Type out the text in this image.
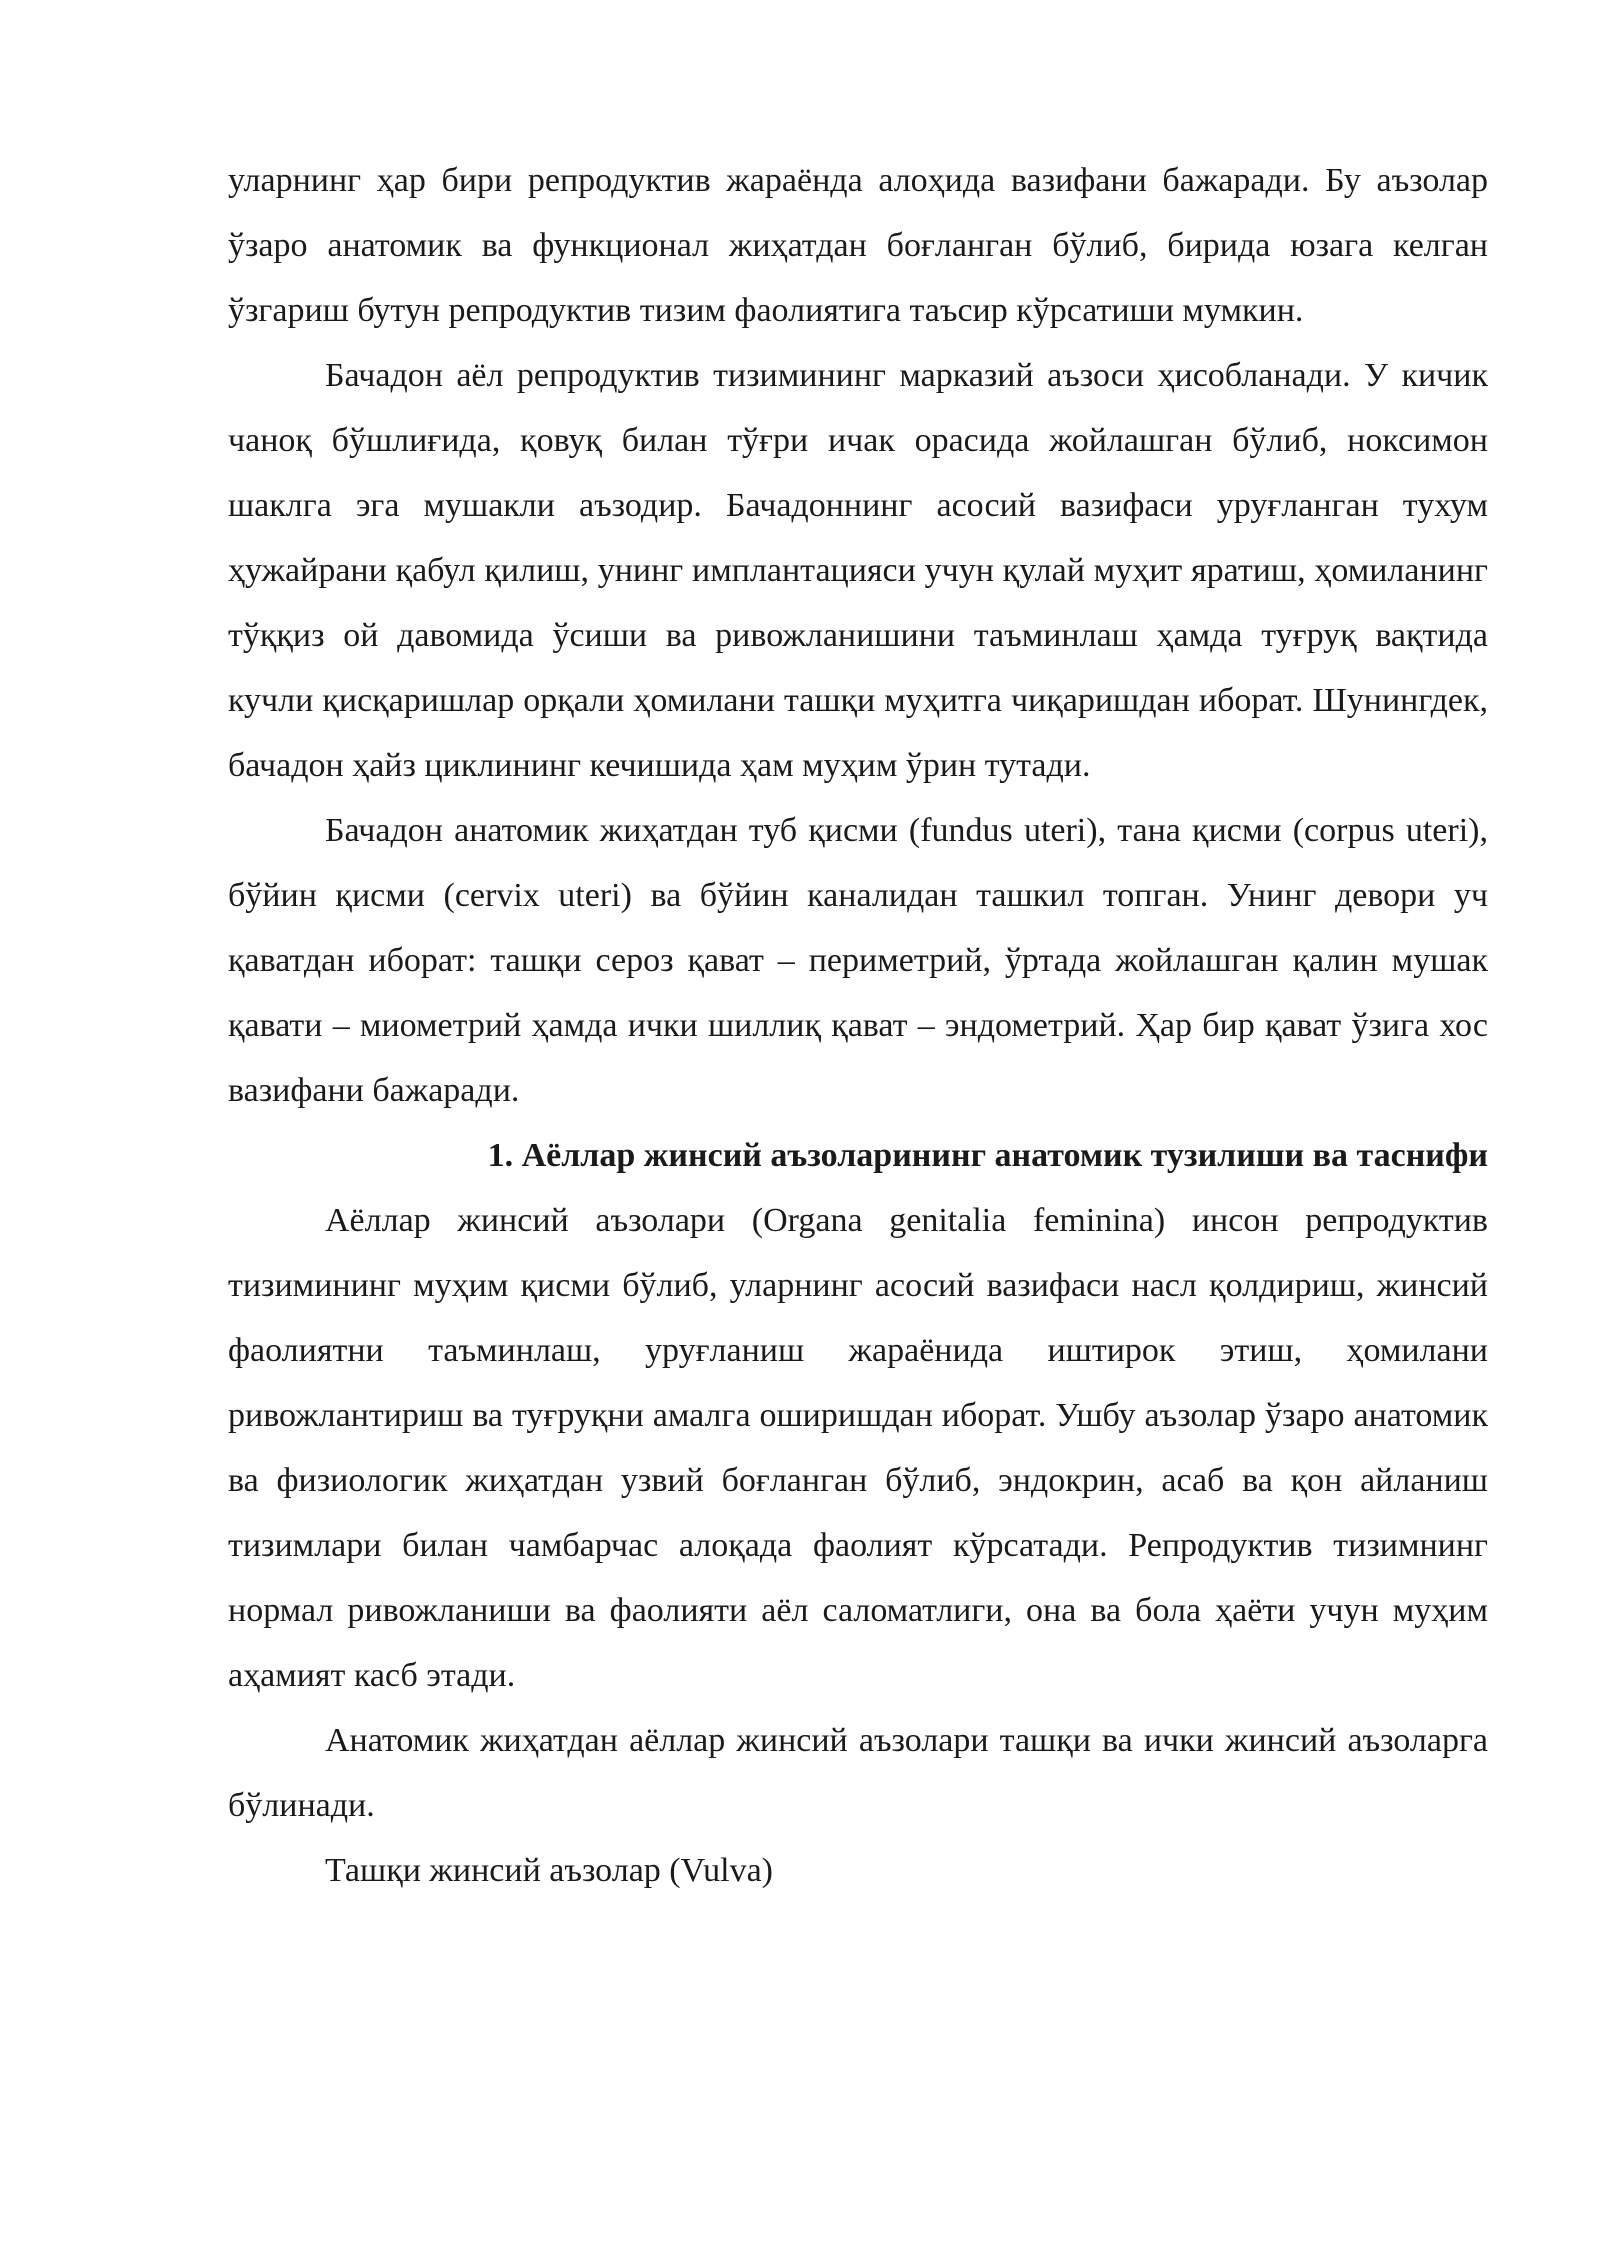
уларнинг ҳар бири репродуктив жараёнда алоҳида вазифани бажаради. Бу аъзолар ўзаро анатомик ва функционал жиҳатдан боғланган бўлиб, бирида юзага келган ўзгариш бутун репродуктив тизим фаолиятига таъсир кўрсатиши мумкин.

Бачадон аёл репродуктив тизимининг марказий аъзоси ҳисобланади. У кичик чаноқ бўшлиғида, қовуқ билан тўғри ичак орасида жойлашган бўлиб, ноксимон шаклга эга мушакли аъзодир. Бачадоннинг асосий вазифаси уруғланган тухум ҳужайрани қабул қилиш, унинг имплантацияси учун қулай муҳит яратиш, ҳомиланинг тўққиз ой давомида ўсиши ва ривожланишини таъминлаш ҳамда туғруқ вақтида кучли қисқаришлар орқали ҳомилани ташқи муҳитга чиқаришдан иборат. Шунингдек, бачадон ҳайз циклининг кечишида ҳам муҳим ўрин тутади.

Бачадон анатомик жиҳатдан туб қисми (fundus uteri), тана қисми (corpus uteri), бўйин қисми (cervix uteri) ва бўйин каналидан ташкил топган. Унинг девори уч қаватдан иборат: ташқи сероз қават – периметрий, ўртада жойлашган қалин мушак қавати – миометрий ҳамда ички шиллиқ қават – эндометрий. Ҳар бир қават ўзига хос вазифани бажаради.

1. Аёллар жинсий аъзоларининг анатомик тузилиши ва таснифи

Аёллар жинсий аъзолари (Organa genitalia feminina) инсон репродуктив тизимининг муҳим қисми бўлиб, уларнинг асосий вазифаси насл қолдириш, жинсий фаолиятни таъминлаш, уруғланиш жараёнида иштирок этиш, ҳомилани ривожлантириш ва туғруқни амалга оширишдан иборат. Ушбу аъзолар ўзаро анатомик ва физиологик жиҳатдан узвий боғланган бўлиб, эндокрин, асаб ва қон айланиш тизимлари билан чамбарчас алоқада фаолият кўрсатади. Репродуктив тизимнинг нормал ривожланиши ва фаолияти аёл саломатлиги, она ва бола ҳаёти учун муҳим аҳамият касб этади.

Анатомик жиҳатдан аёллар жинсий аъзолари ташқи ва ички жинсий аъзоларга бўлинади.

Ташқи жинсий аъзолар (Vulva)
